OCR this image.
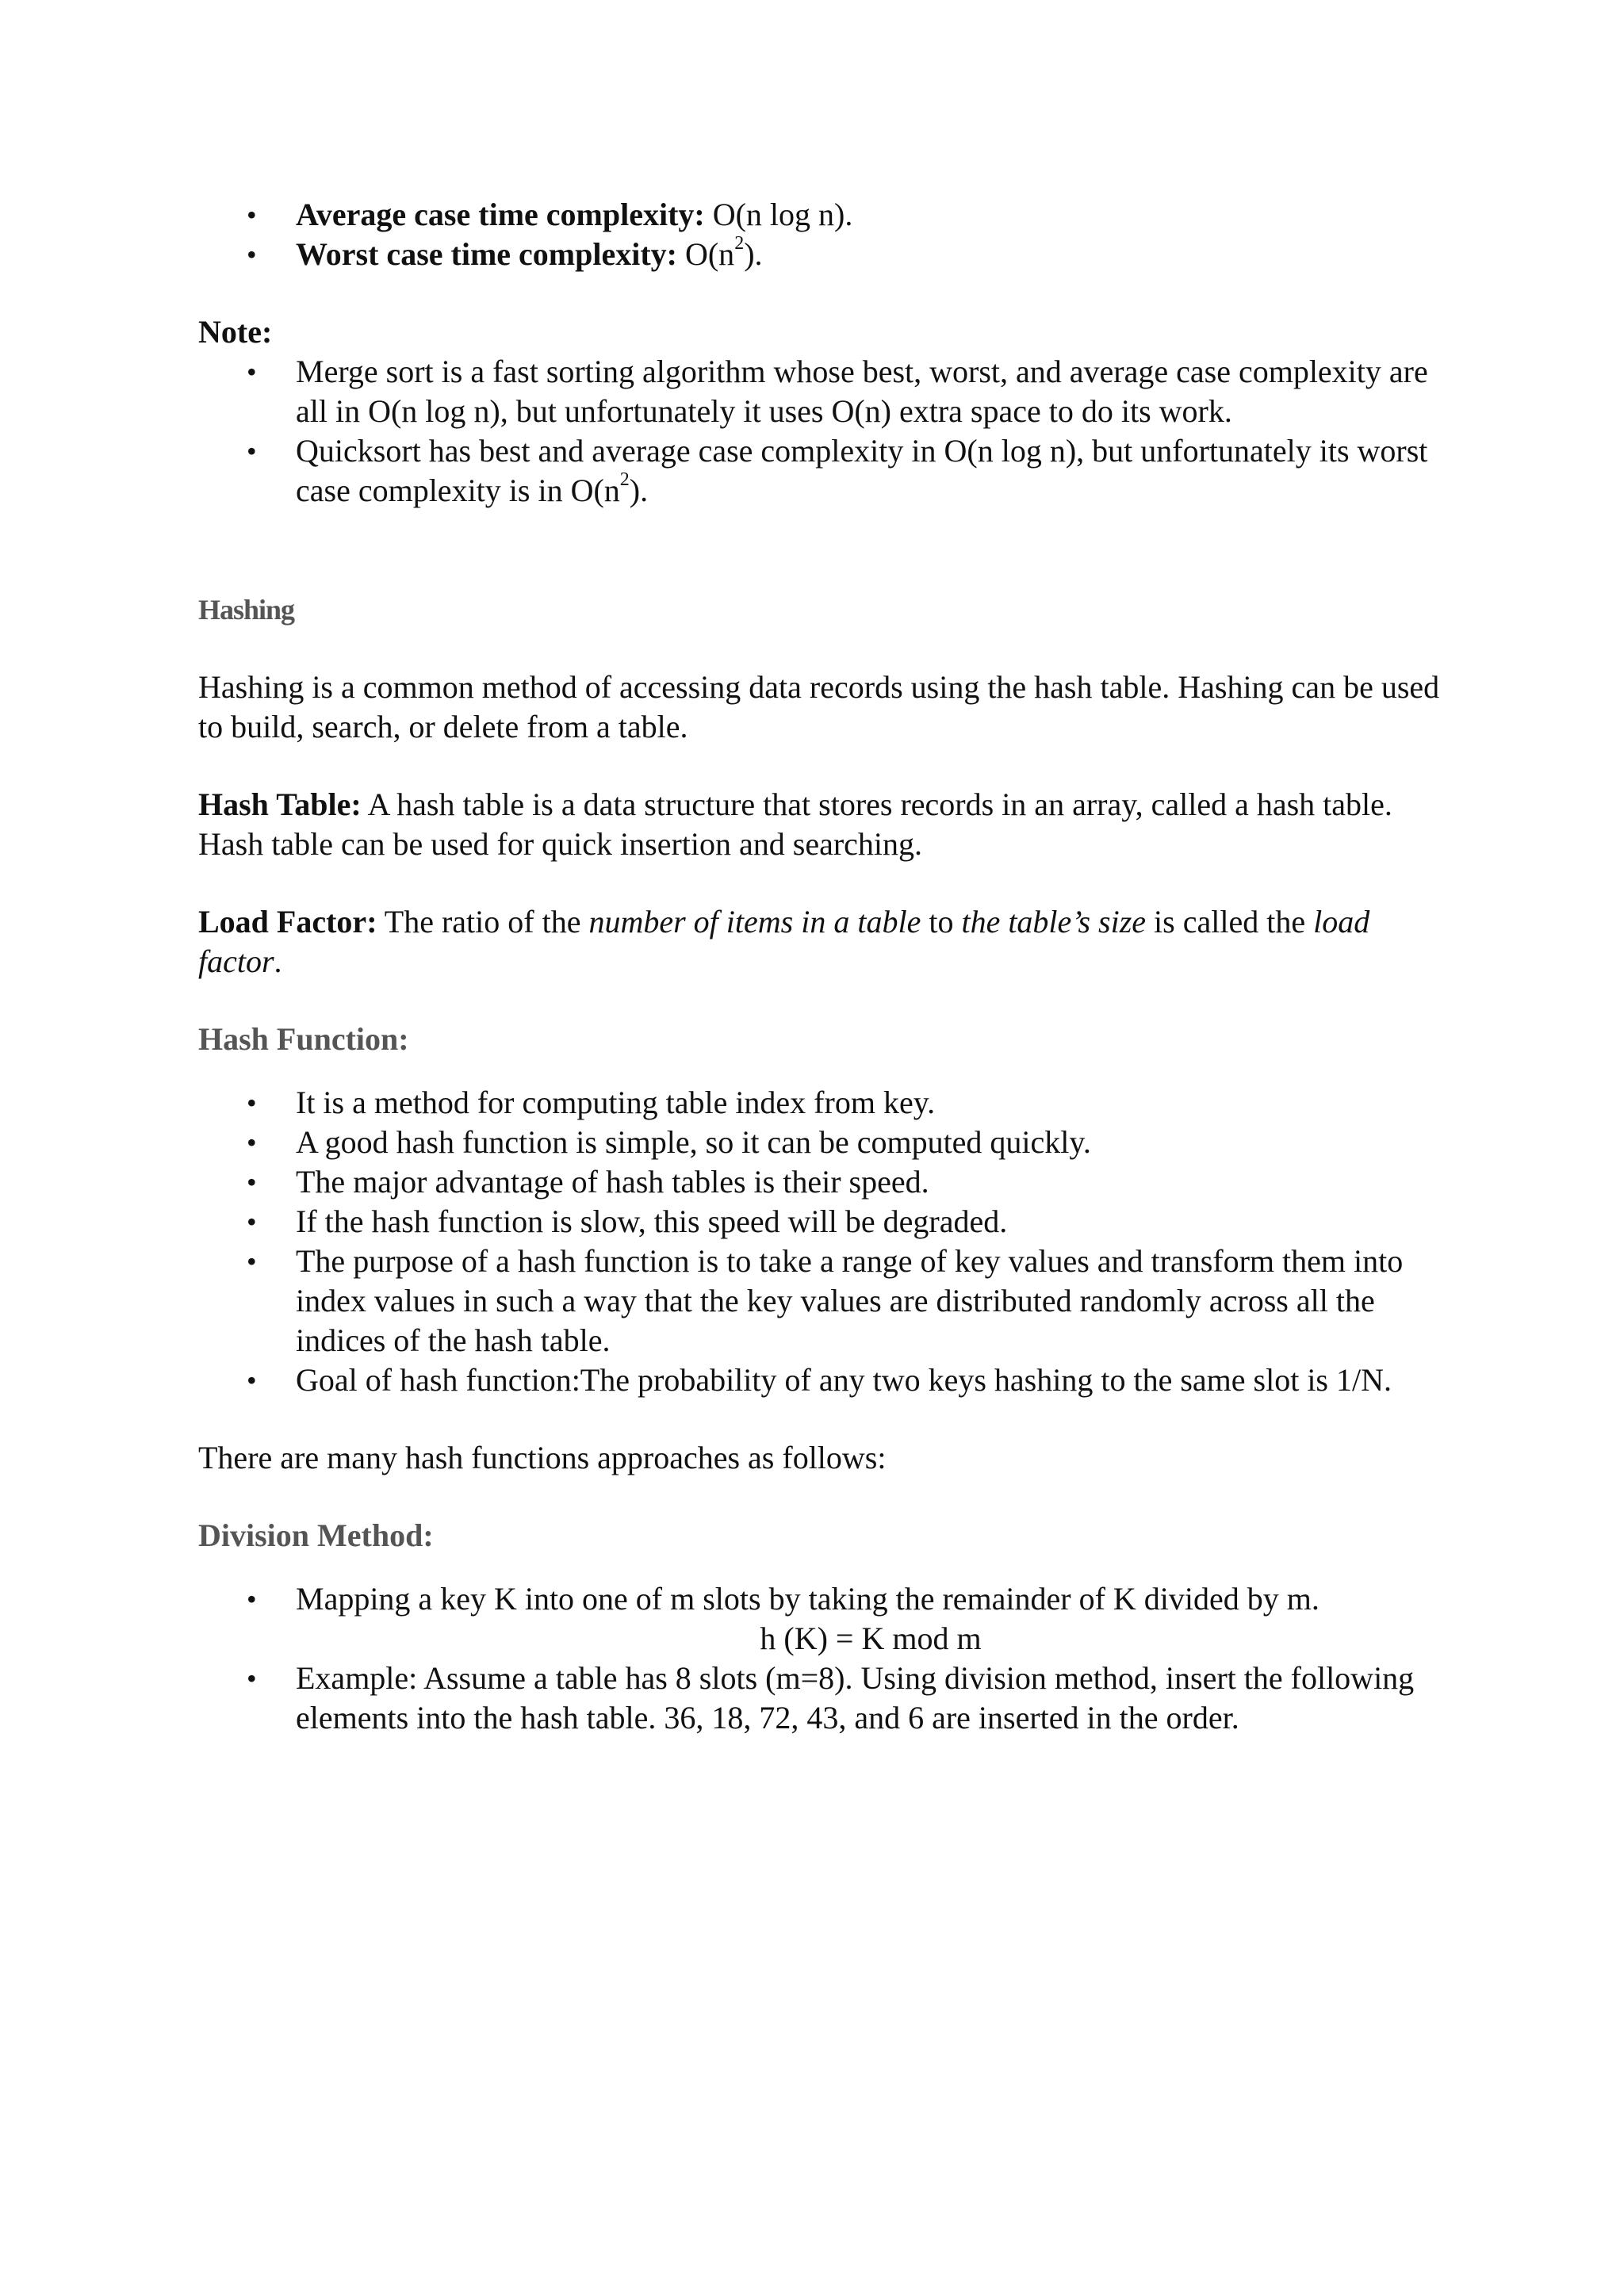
• Average case time complexity: O(n log n).
• Worst case time complexity: $O(n^2)$.

Note:

• Merge sort is a fast sorting algorithm whose best, worst, and average case complexity are all in O(n log n), but unfortunately it uses O(n) extra space to do its work.
• Quicksort has best and average case complexity in O(n log n), but unfortunately its worst case complexity is in $O(n^2)$.

Hashing

Hashing is a common method of accessing data records using the hash table. Hashing can be used to build, search, or delete from a table.

Hash Table: A hash table is a data structure that stores records in an array, called a hash table. Hash table can be used for quick insertion and searching.

Load Factor: The ratio of the number of items in a table to the table’s size is called the load factor.

Hash Function:

• It is a method for computing table index from key.
• A good hash function is simple, so it can be computed quickly.
• The major advantage of hash tables is their speed.
• If the hash function is slow, this speed will be degraded.
• The purpose of a hash function is to take a range of key values and transform them into index values in such a way that the key values are distributed randomly across all the indices of the hash table.
• Goal of hash function:The probability of any two keys hashing to the same slot is 1/N.

There are many hash functions approaches as follows:

Division Method:

• Mapping a key K into one of m slots by taking the remainder of K divided by m.
h (K) = K mod m
• Example: Assume a table has 8 slots (m=8). Using division method, insert the following elements into the hash table. 36, 18, 72, 43, and 6 are inserted in the order.
